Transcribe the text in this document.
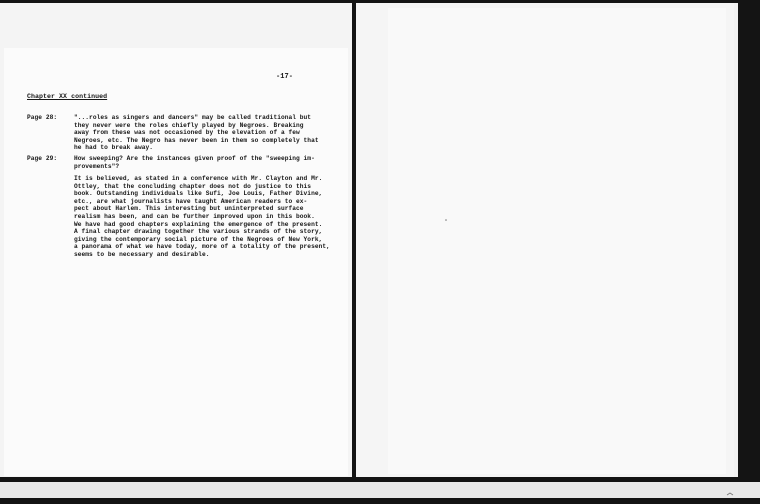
-17-
Chapter XX continued
Page 28:	"...roles as singers and dancers" may be called traditional but
they never were the roles chiefly played by Negroes. Breaking
away from these was not occasioned by the elevation of a few
Negroes, etc. The Negro has never been in them so completely that
he had to break away.
Page 29:	How sweeping? Are the instances given proof of the "sweeping im-
provements"?
It is believed, as stated in a conference with Mr. Clayton and Mr.
Ottley, that the concluding chapter does not do justice to this
book. Outstanding individuals like Sufi, Joe Louis, Father Divine,
etc., are what journalists have taught American readers to ex-
pect about Harlem. This interesting but uninterpreted surface
realism has been, and can be further improved upon in this book.
We have had good chapters explaining the emergence of the present.
A final chapter drawing together the various strands of the story,
giving the contemporary social picture of the Negroes of New York,
a panorama of what we have today, more of a totality of the present,
seems to be necessary and desirable.
